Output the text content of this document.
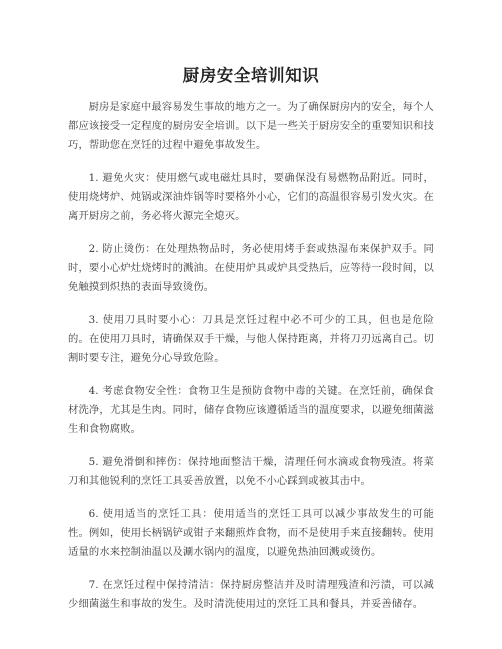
厨房安全培训知识

厨房是家庭中最容易发生事故的地方之一。为了确保厨房内的安全，每个人都应该接受一定程度的厨房安全培训。以下是一些关于厨房安全的重要知识和技巧，帮助您在烹饪的过程中避免事故发生。

1. 避免火灾：使用燃气或电磁灶具时，要确保没有易燃物品附近。同时，使用烧烤炉、炖锅或深油炸锅等时要格外小心，它们的高温很容易引发火灾。在离开厨房之前，务必将火源完全熄灭。

2. 防止烫伤：在处理热物品时，务必使用烤手套或热湿布来保护双手。同时，要小心炉灶烧烤时的溅油。在使用炉具或炉具受热后，应等待一段时间，以免触摸到炽热的表面导致烫伤。

3. 使用刀具时要小心：刀具是烹饪过程中必不可少的工具，但也是危险的。在使用刀具时，请确保双手干燥，与他人保持距离，并将刀刃远离自己。切割时要专注，避免分心导致危险。

4. 考虑食物安全性：食物卫生是预防食物中毒的关键。在烹饪前，确保食材洗净，尤其是生肉。同时，储存食物应该遵循适当的温度要求，以避免细菌滋生和食物腐败。

5. 避免滑倒和摔伤：保持地面整洁干燥，清理任何水滴或食物残渣。将菜刀和其他锐利的烹饪工具妥善放置，以免不小心踩到或被其击中。

6. 使用适当的烹饪工具：使用适当的烹饪工具可以减少事故发生的可能性。例如，使用长柄锅铲或钳子来翻煎炸食物，而不是使用手来直接翻转。使用适量的水来控制油温以及涮水锅内的温度，以避免热油回溅或烫伤。

7. 在烹饪过程中保持清洁：保持厨房整洁并及时清理残渣和污渍，可以减少细菌滋生和事故的发生。及时清洗使用过的烹饪工具和餐具，并妥善储存。
